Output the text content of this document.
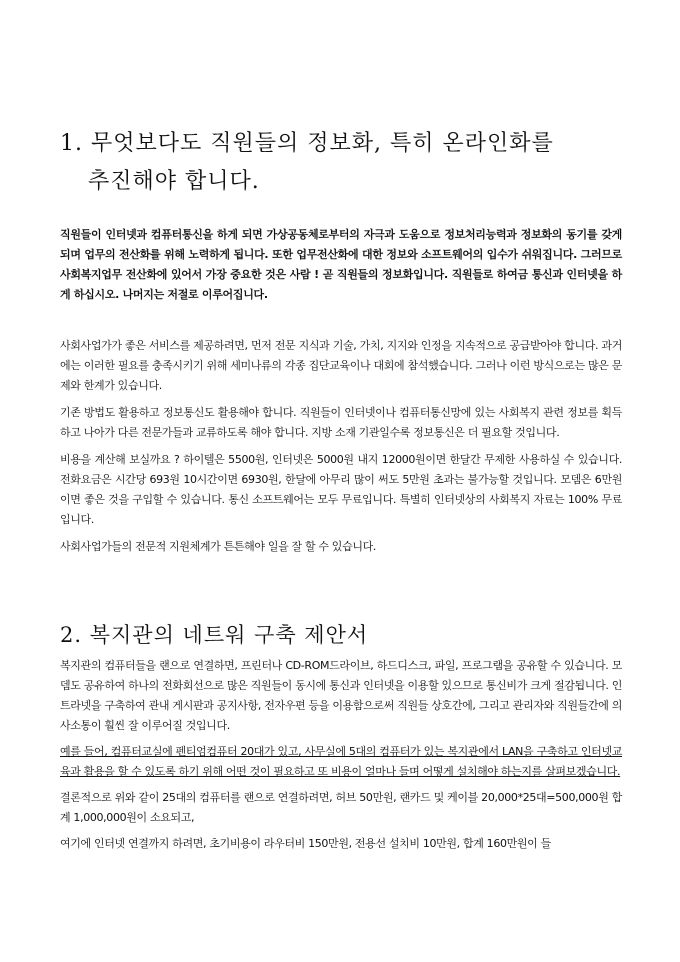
1. 무엇보다도 직원들의 정보화, 특히 온라인화를
추진해야 합니다.
직원들이 인터넷과 컴퓨터통신을 하게 되면 가상공동체로부터의 자극과 도움으로 정보처리능력과 정보화의 동기를 갖게 되며 업무의 전산화를 위해 노력하게 됩니다. 또한 업무전산화에 대한 정보와 소프트웨어의 입수가 쉬워집니다. 그러므로 사회복지업무 전산화에 있어서 가장 중요한 것은 사람 ! 곧 직원들의 정보화입니다. 직원들로 하여금 통신과 인터넷을 하게 하십시오. 나머지는 저절로 이루어집니다.

사회사업가가 좋은 서비스를 제공하려면, 먼저 전문 지식과 기술, 가치, 지지와 인정을 지속적으로 공급받아야 합니다. 과거에는 이러한 필요를 충족시키기 위해 세미나류의 각종 집단교육이나 대회에 참석했습니다. 그러나 이런 방식으로는 많은 문제와 한계가 있습니다.

기존 방법도 활용하고 정보통신도 활용해야 합니다. 직원들이 인터넷이나 컴퓨터통신망에 있는 사회복지 관련 정보를 획득하고 나아가 다른 전문가들과 교류하도록 해야 합니다. 지방 소재 기관일수록 정보통신은 더 필요할 것입니다.

비용을 계산해 보실까요 ? 하이텔은 5500원, 인터넷은 5000원 내지 12000원이면 한달간 무제한 사용하실 수 있습니다. 전화요금은 시간당 693원 10시간이면 6930원, 한달에 아무리 많이 써도 5만원 초과는 불가능할 것입니다. 모뎀은 6만원이면 좋은 것을 구입할 수 있습니다. 통신 소프트웨어는 모두 무료입니다. 특별히 인터넷상의 사회복지 자료는 100% 무료입니다.

사회사업가들의 전문적 지원체계가 튼튼해야 일을 잘 할 수 있습니다.

2. 복지관의 네트워 구축 제안서

복지관의 컴퓨터들을 랜으로 연결하면, 프린터나 CD-ROM드라이브, 하드디스크, 파일, 프로그램을 공유할 수 있습니다. 모뎀도 공유하여 하나의 전화회선으로 많은 직원들이 동시에 통신과 인터넷을 이용할 있으므로 통신비가 크게 절감됩니다. 인트라넷을 구축하여 관내 게시판과 공지사항, 전자우편 등을 이용함으로써 직원들 상호간에, 그리고 관리자와 직원들간에 의사소통이 훨씬 잘 이루어질 것입니다.

예를 들어, 컴퓨터교실에 펜티엄컴퓨터 20대가 있고, 사무실에 5대의 컴퓨터가 있는 복지관에서 LAN을 구축하고 인터넷교육과 활용을 할 수 있도록 하기 위해 어떤 것이 필요하고 또 비용이 얼마나 들며 어떻게 설치해야 하는지를 살펴보겠습니다.

결론적으로 위와 같이 25대의 컴퓨터를 랜으로 연결하려면, 허브 50만원, 랜카드 및 케이블 20,000*25대=500,000원 합계 1,000,000원이 소요되고,

여기에 인터넷 연결까지 하려면, 초기비용이 라우터비 150만원, 전용선 설치비 10만원, 합계 160만원이 들
